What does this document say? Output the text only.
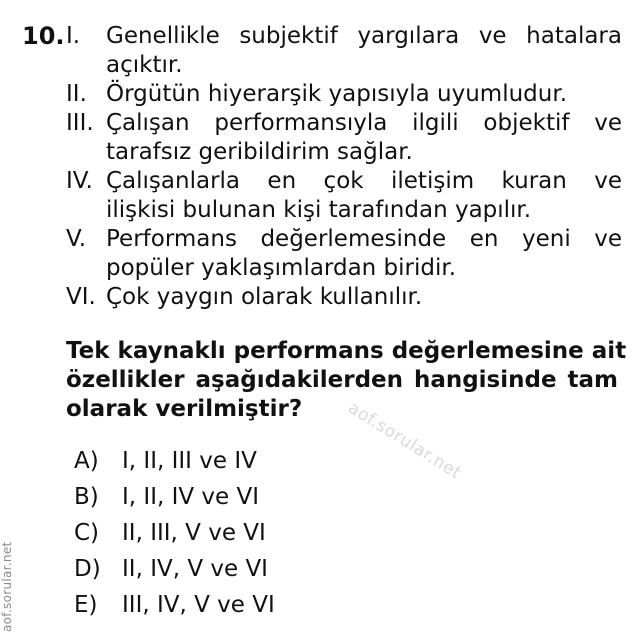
10. I. Genellikle subjektif yargılara ve hatalara
açıktır.
II. Örgütün hiyerarşik yapısıyla uyumludur.
III. Çalışan performansıyla ilgili objektif ve
tarafsız geribildirim sağlar.
IV. Çalışanlarla en çok iletişim kuran ve
ilişkisi bulunan kişi tarafından yapılır.
V. Performans değerlemesinde en yeni ve
popüler yaklaşımlardan biridir.
VI. Çok yaygın olarak kullanılır.
Tek kaynaklı performans değerlemesine ait
özellikler aşağıdakilerden hangisinde tam
olarak verilmiştir?
A) I, II, III ve IV
B) I, II, IV ve VI
C) II, III, V ve VI
D) II, IV, V ve VI
E) III, IV, V ve VI
aof.sorular.net
aof.sorular.net
